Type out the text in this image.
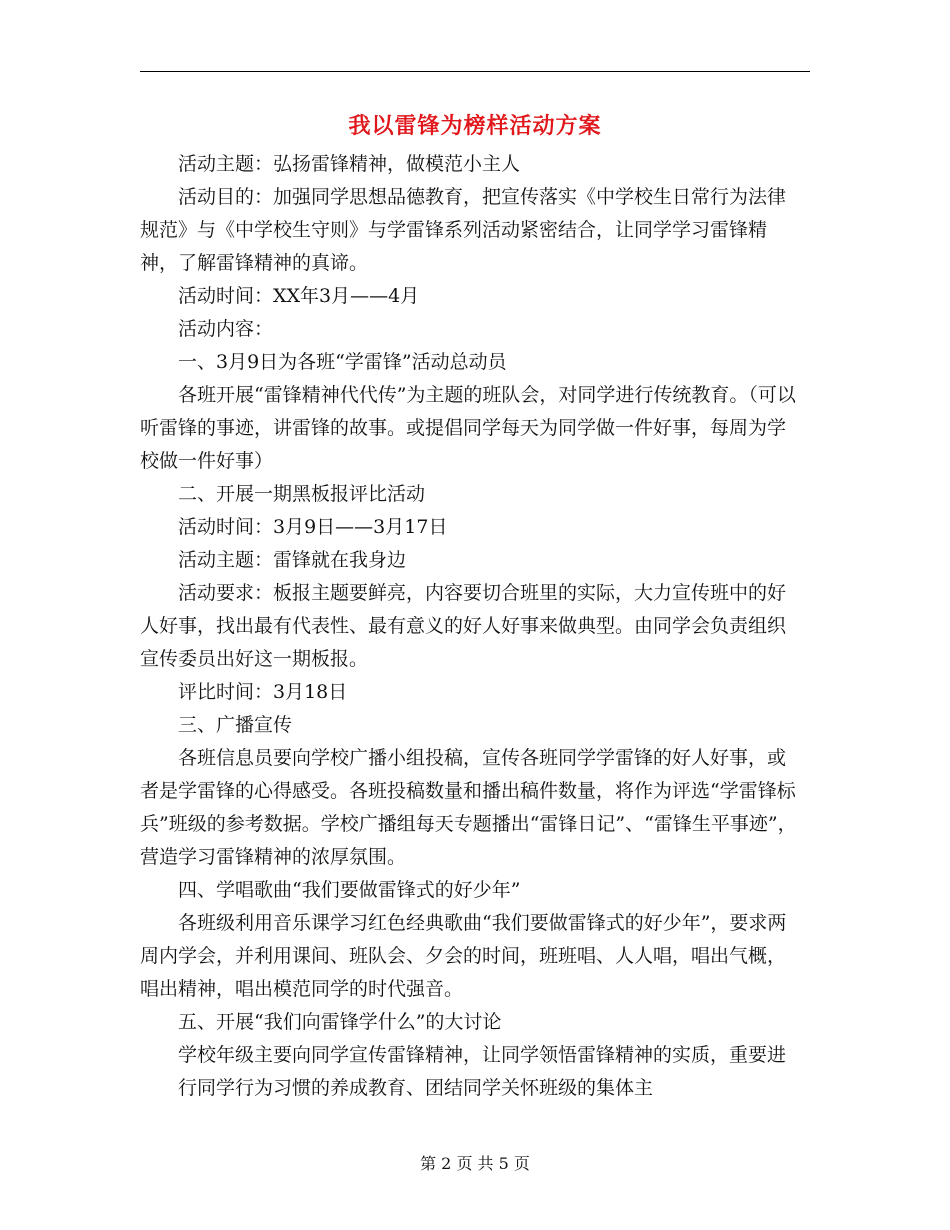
我以雷锋为榜样活动方案

活动主题：弘扬雷锋精神，做模范小主人

活动目的：加强同学思想品德教育，把宣传落实《中学校生日常行为法律规范》与《中学校生守则》与学雷锋系列活动紧密结合，让同学学习雷锋精神，了解雷锋精神的真谛。

活动时间：XX年3月——4月

活动内容：

一、3月9日为各班“学雷锋”活动总动员

各班开展“雷锋精神代代传”为主题的班队会，对同学进行传统教育。（可以听雷锋的事迹，讲雷锋的故事。或提倡同学每天为同学做一件好事，每周为学校做一件好事）

二、开展一期黑板报评比活动

活动时间：3月9日——3月17日

活动主题：雷锋就在我身边

活动要求：板报主题要鲜亮，内容要切合班里的实际，大力宣传班中的好人好事，找出最有代表性、最有意义的好人好事来做典型。由同学会负责组织宣传委员出好这一期板报。

评比时间：3月18日

三、广播宣传

各班信息员要向学校广播小组投稿，宣传各班同学学雷锋的好人好事，或者是学雷锋的心得感受。各班投稿数量和播出稿件数量，将作为评选“学雷锋标兵”班级的参考数据。学校广播组每天专题播出“雷锋日记”、“雷锋生平事迹”，营造学习雷锋精神的浓厚氛围。

四、学唱歌曲“我们要做雷锋式的好少年”

各班级利用音乐课学习红色经典歌曲“我们要做雷锋式的好少年”，要求两周内学会，并利用课间、班队会、夕会的时间，班班唱、人人唱，唱出气概，唱出精神，唱出模范同学的时代强音。

五、开展“我们向雷锋学什么”的大讨论

学校年级主要向同学宣传雷锋精神，让同学领悟雷锋精神的实质，重要进行同学行为习惯的养成教育、团结同学关怀班级的集体主

第 2 页 共 5 页
